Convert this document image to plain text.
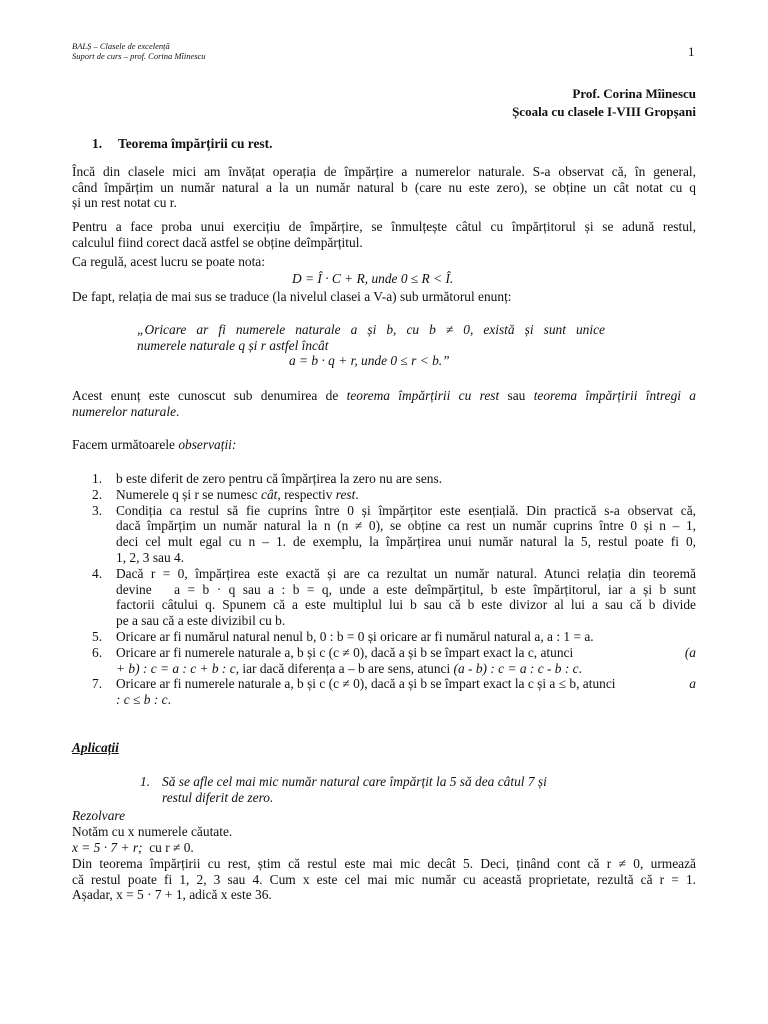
BALȘ – Clasele de excelență
Suport de curs – prof. Corina Mîinescu	1
Prof. Corina Mîinescu
Școala cu clasele I-VIII Gropșani
1. Teorema împărțirii cu rest.
Încă din clasele mici am învățat operația de împărțire a numerelor naturale. S-a observat că, în general,
când împărțim un număr natural a la un număr natural b (care nu este zero), se obține un cât notat cu q
și un rest notat cu r.
Pentru a face proba unui exercițiu de împărțire, se înmulțește câtul cu împărțitorul și se adună restul,
calculul fiind corect dacă astfel se obține deîmpărțitul.
Ca regulă, acest lucru se poate nota:
D = Î · C + R, unde 0 ≤ R < Î.
De fapt, relația de mai sus se traduce (la nivelul clasei a V-a) sub următorul enunț:
„Oricare ar fi numerele naturale a și b, cu b ≠ 0, există și sunt unice
numerele naturale q și r astfel încât
a = b · q + r, unde 0 ≤ r < b.”
Acest enunț este cunoscut sub denumirea de teorema împărțirii cu rest sau teorema împărțirii întregi a
numerelor naturale.
Facem următoarele observații:
1. b este diferit de zero pentru că împărțirea la zero nu are sens.
2. Numerele q și r se numesc cât, respectiv rest.
3. Condiția ca restul să fie cuprins între 0 și împărțitor este esențială. Din practică s-a observat că,
dacă împărțim un număr natural la n (n ≠ 0), se obține ca rest un număr cuprins între 0 și n – 1,
deci cel mult egal cu n – 1. de exemplu, la împărțirea unui număr natural la 5, restul poate fi 0,
1, 2, 3 sau 4.
4. Dacă r = 0, împărțirea este exactă și are ca rezultat un număr natural. Atunci relația din teoremă
devine   a = b · q sau a : b = q, unde a este deîmpărțitul, b este împărțitorul, iar a și b sunt
factorii câtului q. Spunem că a este multiplul lui b sau că b este divizor al lui a sau că b divide
pe a sau că a este divizibil cu b.
5. Oricare ar fi numărul natural nenul b, 0 : b = 0 și oricare ar fi numărul natural a, a : 1 = a.
6. Oricare ar fi numerele naturale a, b și c (c ≠ 0), dacă a și b se împart exact la c, atunci	(a
+ b) : c = a : c + b : c, iar dacă diferența a – b are sens, atunci (a - b) : c = a : c - b : c.
7. Oricare ar fi numerele naturale a, b și c (c ≠ 0), dacă a și b se împart exact la c și a ≤ b, atunci	a
: c ≤ b : c.
Aplicații
1. Să se afle cel mai mic număr natural care împărțit la 5 să dea câtul 7 și
restul diferit de zero.
Rezolvare
Notăm cu x numerele căutate.
x = 5 · 7 + r;  cu r ≠ 0.
Din teorema împărțirii cu rest, știm că restul este mai mic decât 5. Deci, ținând cont că r ≠ 0, urmează
că restul poate fi 1, 2, 3 sau 4. Cum x este cel mai mic număr cu această proprietate, rezultă că r = 1.
Așadar, x = 5 · 7 + 1, adică x este 36.
